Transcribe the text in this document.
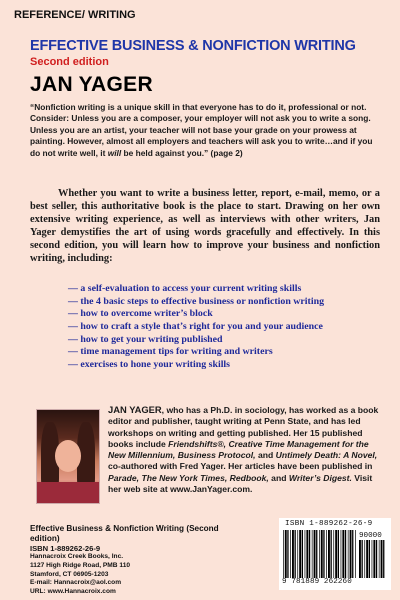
REFERENCE/ WRITING
EFFECTIVE BUSINESS & NONFICTION WRITING
Second edition
JAN YAGER
“Nonfiction writing is a unique skill in that everyone has to do it, professional or not. Consider: Unless you are a composer, your employer will not ask you to write a song. Unless you are an artist, your teacher will not base your grade on your prowess at painting. However, almost all employers and teachers will ask you to write…and if you do not write well, it will be held against you.” (page 2)
Whether you want to write a business letter, report, e-mail, memo, or a best seller, this authoritative book is the place to start. Drawing on her own extensive writing experience, as well as interviews with other writers, Jan Yager demystifies the art of using words gracefully and effectively. In this second edition, you will learn how to improve your business and nonfiction writing, including:
— a self-evaluation to access your current writing skills
— the 4 basic steps to effective business or nonfiction writing
— how to overcome writer’s block
— how to craft a style that’s right for you and your audience
— how to get your writing published
— time management tips for writing and writers
— exercises to hone your writing skills
JAN YAGER, who has a Ph.D. in sociology, has worked as a book editor and publisher, taught writing at Penn State, and has led workshops on writing and getting published. Her 15 published books include Friendshifts®, Creative Time Management for the New Millennium, Business Protocol, and Untimely Death: A Novel, co-authored with Fred Yager. Her articles have been published in Parade, The New York Times, Redbook, and Writer’s Digest. Visit her web site at www.JanYager.com.
Effective Business & Nonfiction Writing (Second edition)
ISBN 1-889262-26-9
Hannacroix Creek Books, Inc.
1127 High Ridge Road, PMB 110
Stamford, CT 06905-1203
E-mail: Hannacroix@aol.com
URL: www.Hannacroix.com
ISBN 1-889262-26-9
90000
9 781889 262260
